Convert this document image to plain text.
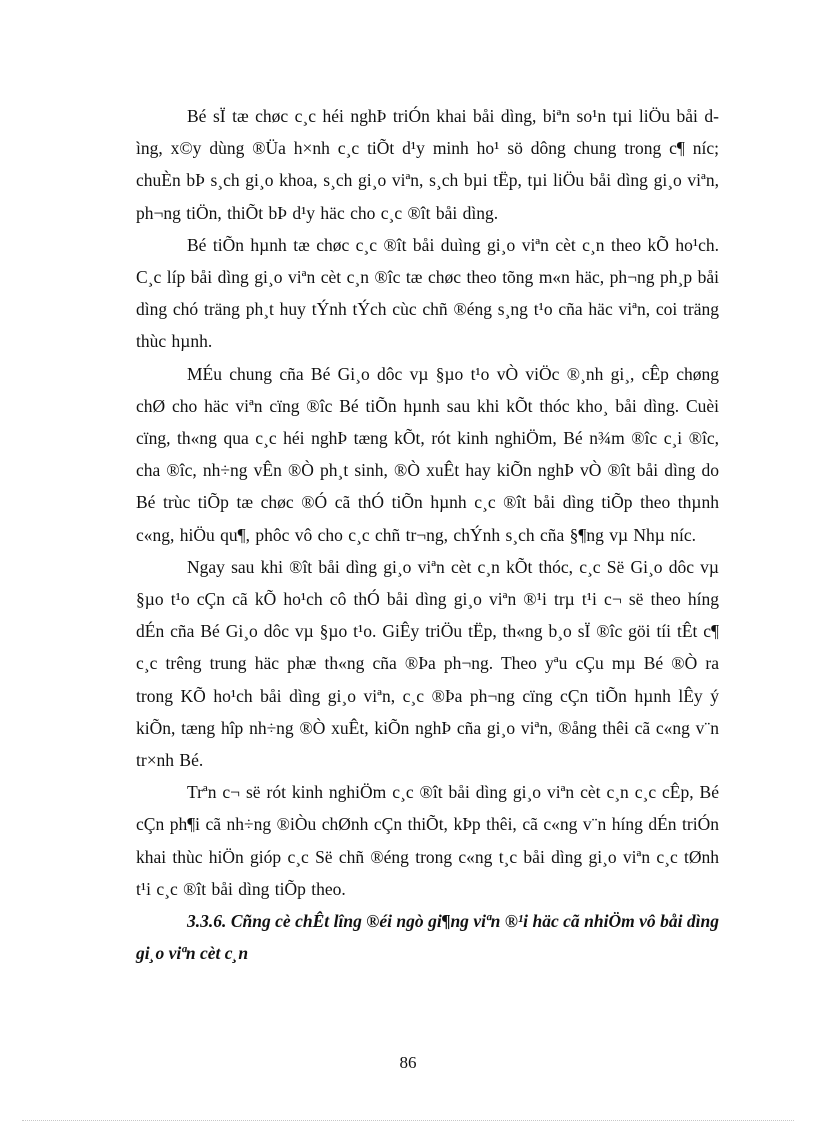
Bé sÏ tæ chøc c¸c héi nghÞ triÓn khai båi dìng, biªn so¹n tµi liÖu båi dìng, x©y dùng ®Üa h×nh c¸c tiÕt d¹y minh ho¹ sö dông chung trong c¶ níc; chuÈn bÞ s¸ch gi¸o khoa, s¸ch gi¸o viªn, s¸ch bµi tËp, tµi liÖu båi dìng gi¸o viªn, ph¬ng tiÖn, thiÕt bÞ d¹y häc cho c¸c ®ît båi dìng.

Bé tiÕn hµnh tæ chøc c¸c ®ît båi duìng gi¸o viªn cèt c¸n theo kÕ ho¹ch. C¸c líp båi dìng gi¸o viªn cèt c¸n ®îc tæ chøc theo tõng m«n häc, ph¬ng ph¸p båi dìng chó träng ph¸t huy tÝnh tÝch cùc chñ ®éng s¸ng t¹o cña häc viªn, coi träng thùc hµnh.

MÉu chung cña Bé Gi¸o dôc vµ §µo t¹o vÒ viÖc ®¸nh gi¸, cÊp chøng chØ cho häc viªn cïng ®îc Bé tiÕn hµnh sau khi kÕt thóc kho¸ båi dìng. Cuèi cïng, th«ng qua c¸c héi nghÞ tæng kÕt, rót kinh nghiÖm, Bé n¾m ®îc c¸i ®îc, cha ®îc, nh÷ng vÊn ®Ò ph¸t sinh, ®Ò xuÊt hay kiÕn nghÞ vÒ ®ît båi dìng do Bé trùc tiÕp tæ chøc ®Ó cã thÓ tiÕn hµnh c¸c ®ît båi dìng tiÕp theo thµnh c«ng, hiÖu qu¶, phôc vô cho c¸c chñ tr¬ng, chÝnh s¸ch cña §¶ng vµ Nhµ níc.

Ngay sau khi ®ît båi dìng gi¸o viªn cèt c¸n kÕt thóc, c¸c Së Gi¸o dôc vµ §µo t¹o cÇn cã kÕ ho¹ch cô thÓ båi dìng gi¸o viªn ®¹i trµ t¹i c¬ së theo híng dÉn cña Bé Gi¸o dôc vµ §µo t¹o. GiÊy triÖu tËp, th«ng b¸o sÏ ®îc göi tíi tÊt c¶ c¸c trêng trung häc phæ th«ng cña ®Þa ph¬ng. Theo yªu cÇu mµ Bé ®Ò ra trong KÕ ho¹ch båi dìng gi¸o viªn, c¸c ®Þa ph¬ng cïng cÇn tiÕn hµnh lÊy ý kiÕn, tæng hîp nh÷ng ®Ò xuÊt, kiÕn nghÞ cña gi¸o viªn, ®ång thêi cã c«ng v¨n tr×nh Bé.

Trªn c¬ së rót kinh nghiÖm c¸c ®ît båi dìng gi¸o viªn cèt c¸n c¸c cÊp, Bé cÇn ph¶i cã nh÷ng ®iÒu chØnh cÇn thiÕt, kÞp thêi, cã c«ng v¨n híng dÉn triÓn khai thùc hiÖn gióp c¸c Së chñ ®éng trong c«ng t¸c båi dìng gi¸o viªn c¸c tØnh t¹i c¸c ®ît båi dìng tiÕp theo.

3.3.6. Cñng cè chÊt lîng ®éi ngò gi¶ng viªn ®¹i häc cã nhiÖm vô båi dìng gi¸o viªn cèt c¸n

86
